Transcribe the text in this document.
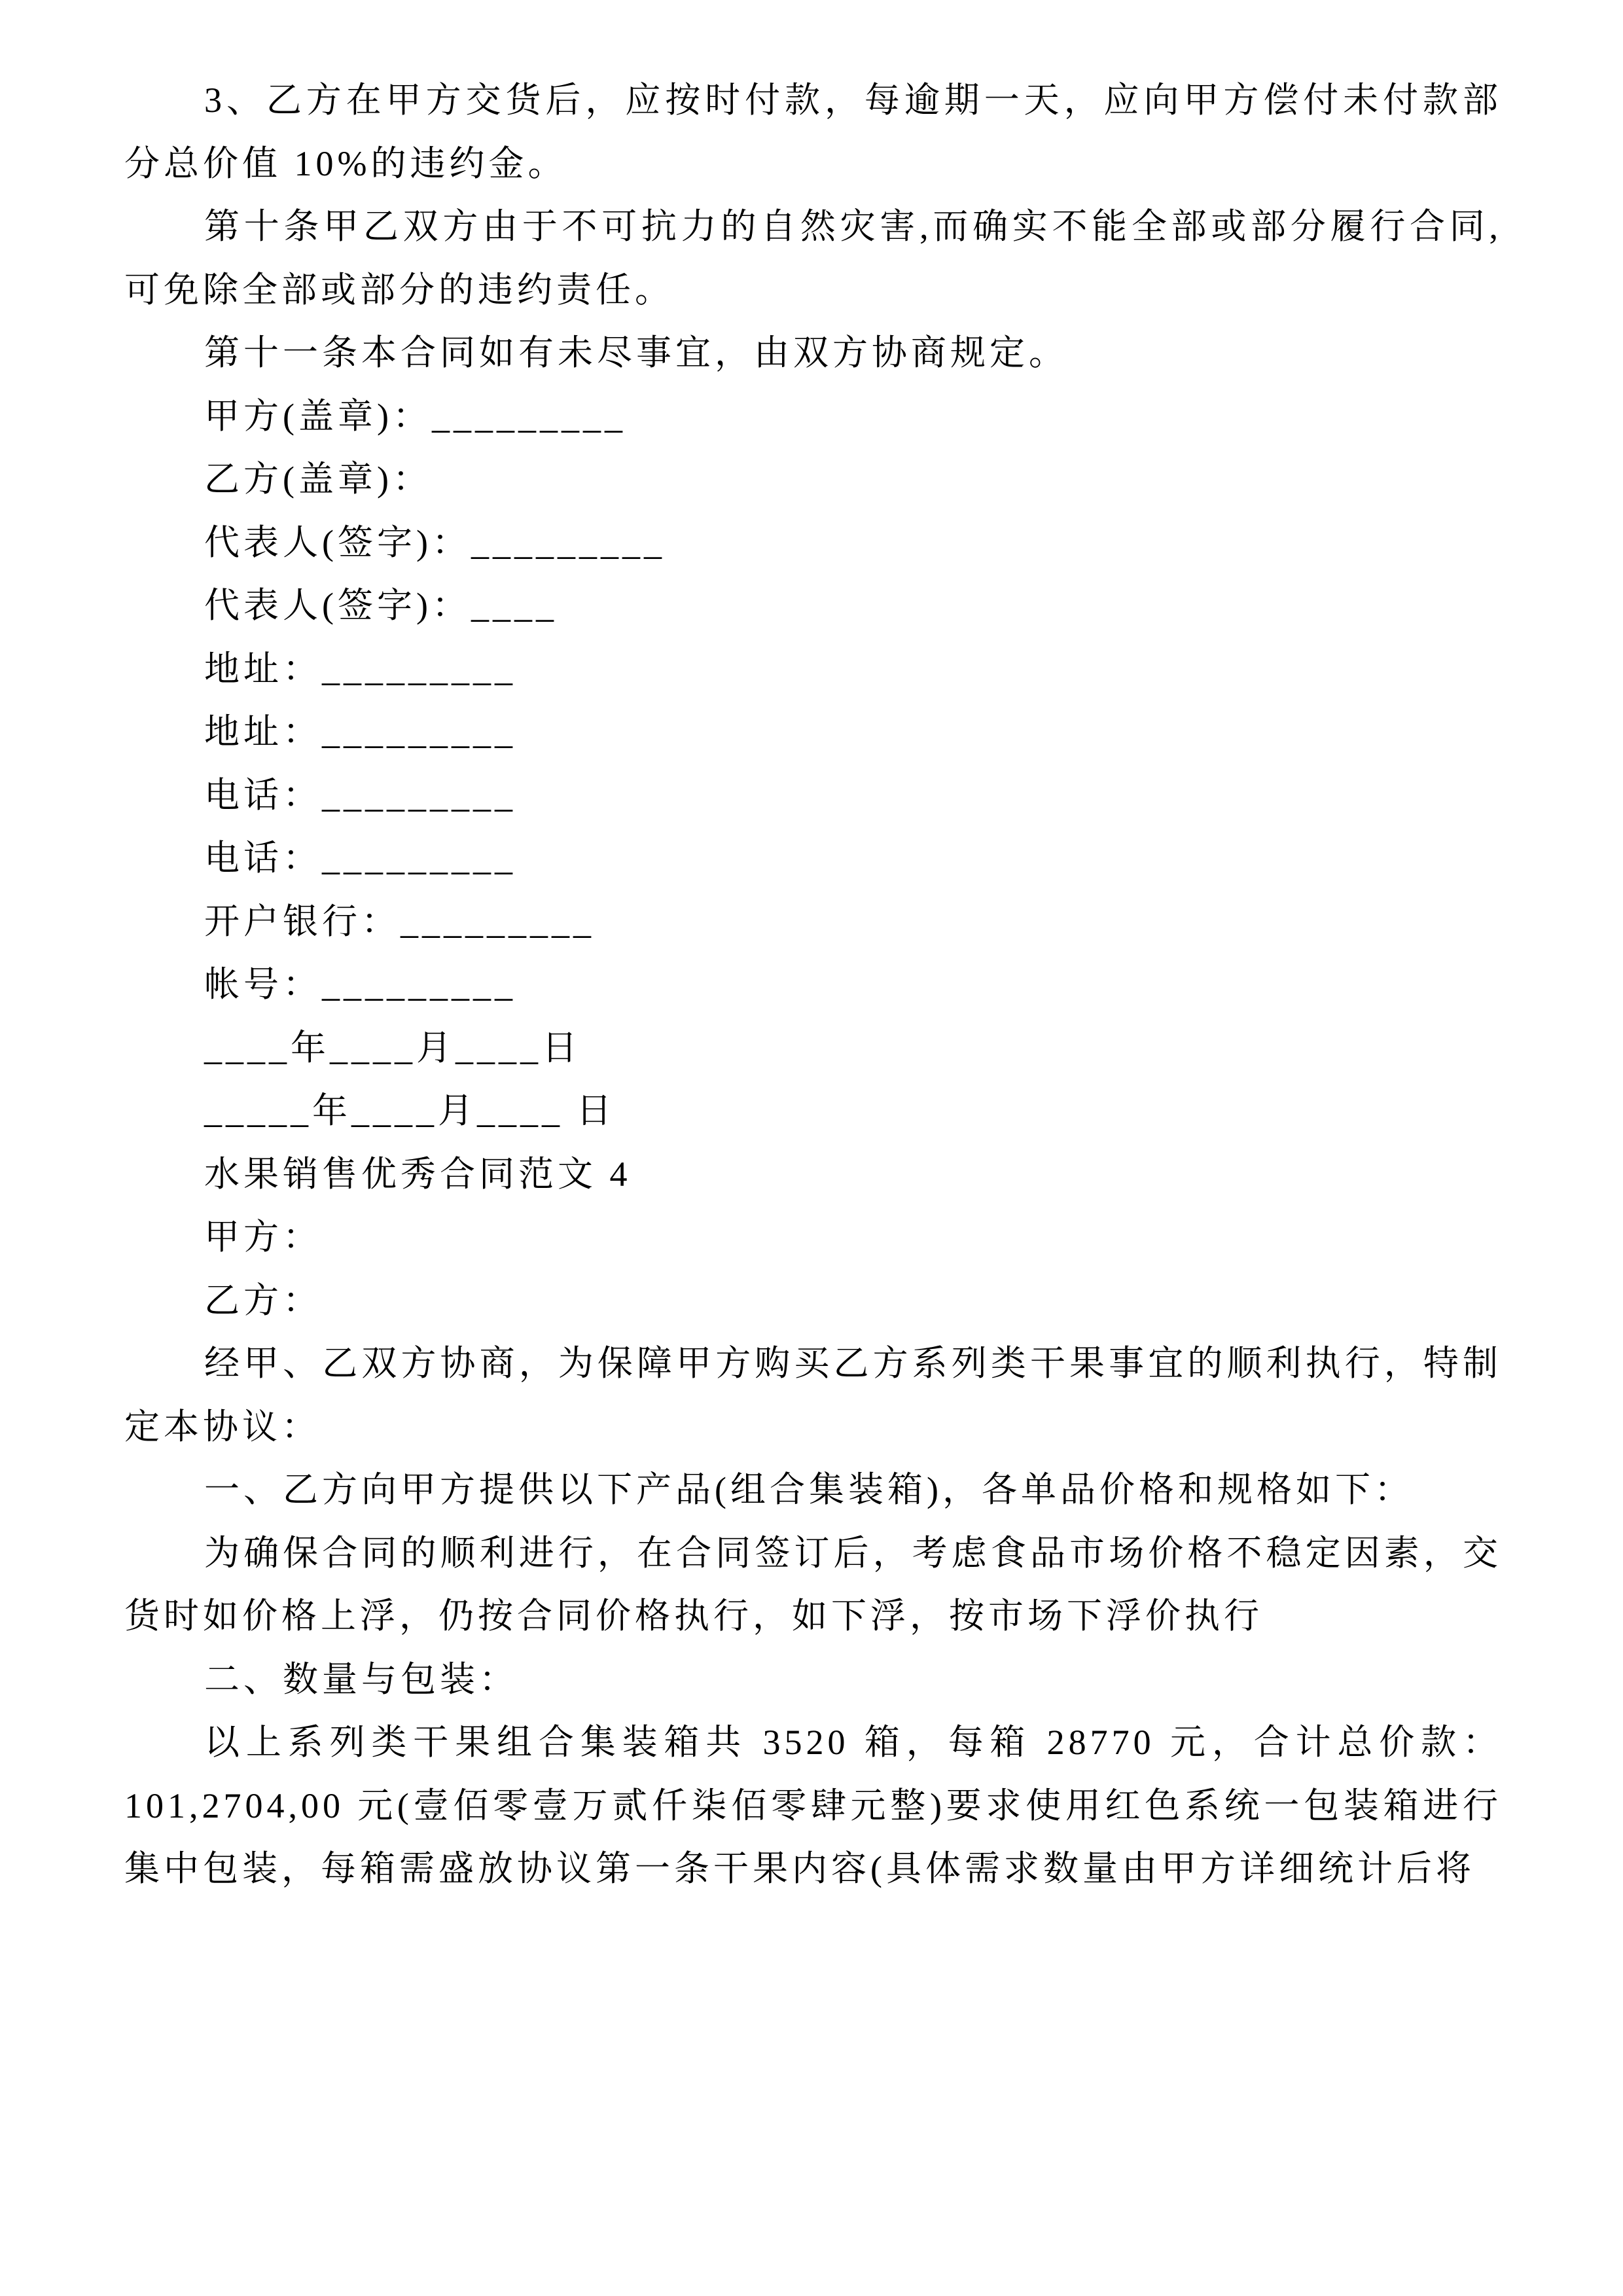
3、乙方在甲方交货后，应按时付款，每逾期一天，应向甲方偿付未付款部分总价值 10%的违约金。

第十条甲乙双方由于不可抗力的自然灾害,而确实不能全部或部分履行合同,可免除全部或部分的违约责任。

第十一条本合同如有未尽事宜，由双方协商规定。

甲方(盖章)：_________

乙方(盖章)：

代表人(签字)：_________

代表人(签字)：____

地址：_________

地址：_________

电话：_________

电话：_________

开户银行：_________

帐号：_________

____年____月____日

_____年____月____ 日

水果销售优秀合同范文 4

甲方：

乙方：

经甲、乙双方协商，为保障甲方购买乙方系列类干果事宜的顺利执行，特制定本协议：

一、乙方向甲方提供以下产品(组合集装箱)，各单品价格和规格如下：

为确保合同的顺利进行，在合同签订后，考虑食品市场价格不稳定因素，交货时如价格上浮，仍按合同价格执行，如下浮，按市场下浮价执行

二、数量与包装：

以上系列类干果组合集装箱共 3520 箱，每箱 28770 元，合计总价款：101,2704,00 元(壹佰零壹万贰仟柒佰零肆元整)要求使用红色系统一包装箱进行集中包装，每箱需盛放协议第一条干果内容(具体需求数量由甲方详细统计后将
